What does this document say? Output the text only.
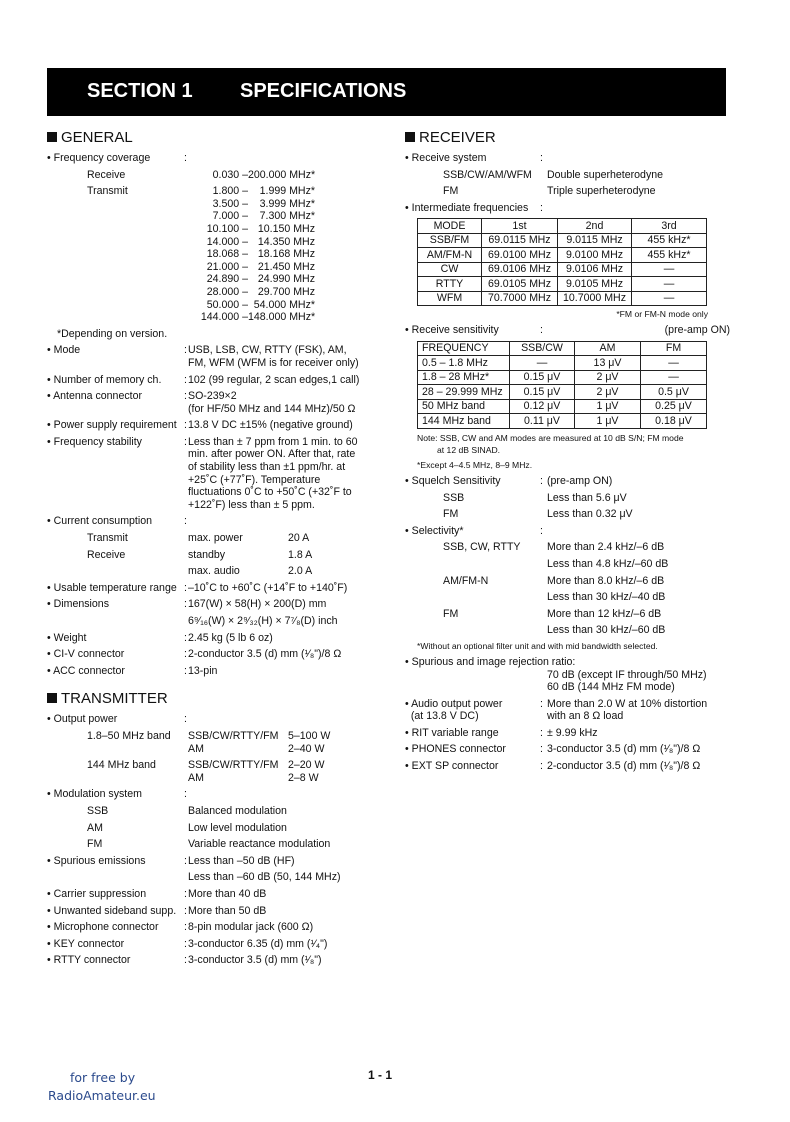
SECTION 1 SPECIFICATIONS
GENERAL
• Frequency coverage	:
Receive	0.030 –200.000 MHz*
Transmit	1.800 – 1.999 MHz*
3.500 – 3.999 MHz*
7.000 – 7.300 MHz*
10.100 – 10.150 MHz
14.000 – 14.350 MHz
18.068 – 18.168 MHz
21.000 – 21.450 MHz
24.890 – 24.990 MHz
28.000 – 29.700 MHz
50.000 – 54.000 MHz*
144.000 –148.000 MHz*
*Depending on version.
• Mode	: USB, LSB, CW, RTTY (FSK), AM,
FM, WFM (WFM is for receiver only)
• Number of memory ch.	: 102 (99 regular, 2 scan edges,1 call)
• Antenna connector	: SO-239×2
(for HF/50 MHz and 144 MHz)/50 Ω
• Power supply requirement : 13.8 V DC ±15% (negative ground)
• Frequency stability	: Less than ± 7 ppm from 1 min. to 60
min. after power ON. After that, rate
of stability less than ±1 ppm/hr. at
+25˚C (+77˚F). Temperature
fluctuations 0˚C to +50˚C (+32˚F to
+122˚F) less than ± 5 ppm.
• Current consumption	:
Transmit	max. power	20 A
Receive	standby	1.8 A
max. audio	2.0 A
• Usable temperature range : –10˚C to +60˚C (+14˚F to +140˚F)
• Dimensions	: 167(W) × 58(H) × 200(D) mm
6⁹⁄₁₆(W) × 2⁹⁄₃₂(H) × 7⁷⁄₈(D) inch
• Weight	: 2.45 kg (5 lb 6 oz)
• CI-V connector	: 2-conductor 3.5 (d) mm (¹⁄₈")/8 Ω
• ACC connector	: 13-pin
TRANSMITTER
• Output power	:
1.8–50 MHz band	SSB/CW/RTTY/FM 5–100 W
AM	2–40 W
144 MHz band	SSB/CW/RTTY/FM 2–20 W
AM	2–8 W
• Modulation system	:
SSB	Balanced modulation
AM	Low level modulation
FM	Variable reactance modulation
• Spurious emissions	: Less than –50 dB (HF)
Less than –60 dB (50, 144 MHz)
• Carrier suppression	: More than 40 dB
• Unwanted sideband supp. : More than 50 dB
• Microphone connector	: 8-pin modular jack (600 Ω)
• KEY connector	: 3-conductor 6.35 (d) mm (¹⁄₄")
• RTTY connector	: 3-conductor 3.5 (d) mm (¹⁄₈")
RECEIVER
• Receive system	:
SSB/CW/AM/WFM	Double superheterodyne
FM	Triple superheterodyne
• Intermediate frequencies	:
MODE	1st	2nd	3rd
SSB/FM	69.0115 MHz	9.0115 MHz	455 kHz*
AM/FM-N	69.0100 MHz	9.0100 MHz	455 kHz*
CW	69.0106 MHz	9.0106 MHz	—
RTTY	69.0105 MHz	9.0105 MHz	—
WFM	70.7000 MHz	10.7000 MHz	—
*FM or FM-N mode only
• Receive sensitivity	:	(pre-amp ON)
FREQUENCY	SSB/CW	AM	FM
0.5 – 1.8 MHz	—	13 μV	—
1.8 – 28 MHz*	0.15 μV	2 μV	—
28 – 29.999 MHz	0.15 μV	2 μV	0.5 μV
50 MHz band	0.12 μV	1 μV	0.25 μV
144 MHz band	0.11 μV	1 μV	0.18 μV
Note: SSB, CW and AM modes are measured at 10 dB S/N; FM mode
at 12 dB SINAD.
*Except 4–4.5 MHz, 8–9 MHz.
• Squelch Sensitivity	: (pre-amp ON)
SSB	Less than 5.6 μV
FM	Less than 0.32 μV
• Selectivity*	:
SSB, CW, RTTY	More than 2.4 kHz/–6 dB
Less than 4.8 kHz/–60 dB
AM/FM-N	More than 8.0 kHz/–6 dB
Less than 30 kHz/–40 dB
FM	More than 12 kHz/–6 dB
Less than 30 kHz/–60 dB
*Without an optional filter unit and with mid bandwidth selected.
• Spurious and image rejection ratio:
70 dB (except IF through/50 MHz)
60 dB (144 MHz FM mode)
• Audio output power
(at 13.8 V DC)
: More than 2.0 W at 10% distortion
with an 8 Ω load
• RIT variable range	: ± 9.99 kHz
• PHONES connector	: 3-conductor 3.5 (d) mm (¹⁄₈")/8 Ω
• EXT SP connector	: 2-conductor 3.5 (d) mm (¹⁄₈")/8 Ω
1 - 1
for free by
RadioAmateur.eu
